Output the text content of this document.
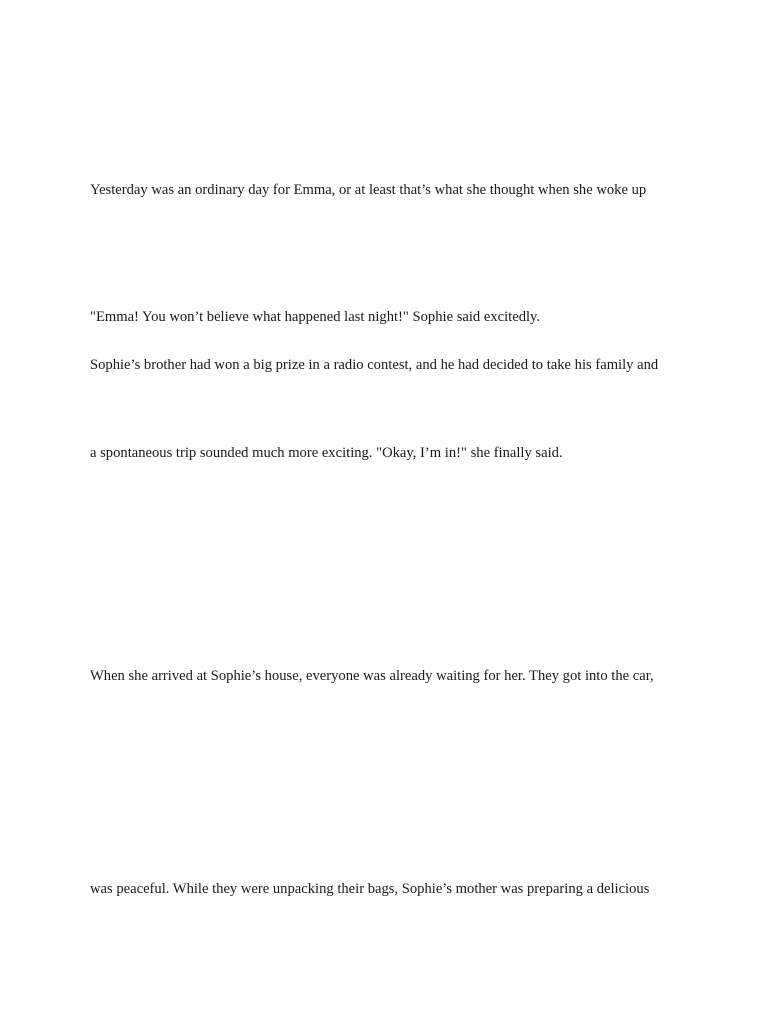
Yesterday was an ordinary day for Emma, or at least that’s what she thought when she woke up

"Emma! You won’t believe what happened last night!" Sophie said excitedly.

Sophie’s brother had won a big prize in a radio contest, and he had decided to take his family and

a spontaneous trip sounded much more exciting. "Okay, I’m in!" she finally said.

When she arrived at Sophie’s house, everyone was already waiting for her. They got into the car,

was peaceful. While they were unpacking their bags, Sophie’s mother was preparing a delicious
